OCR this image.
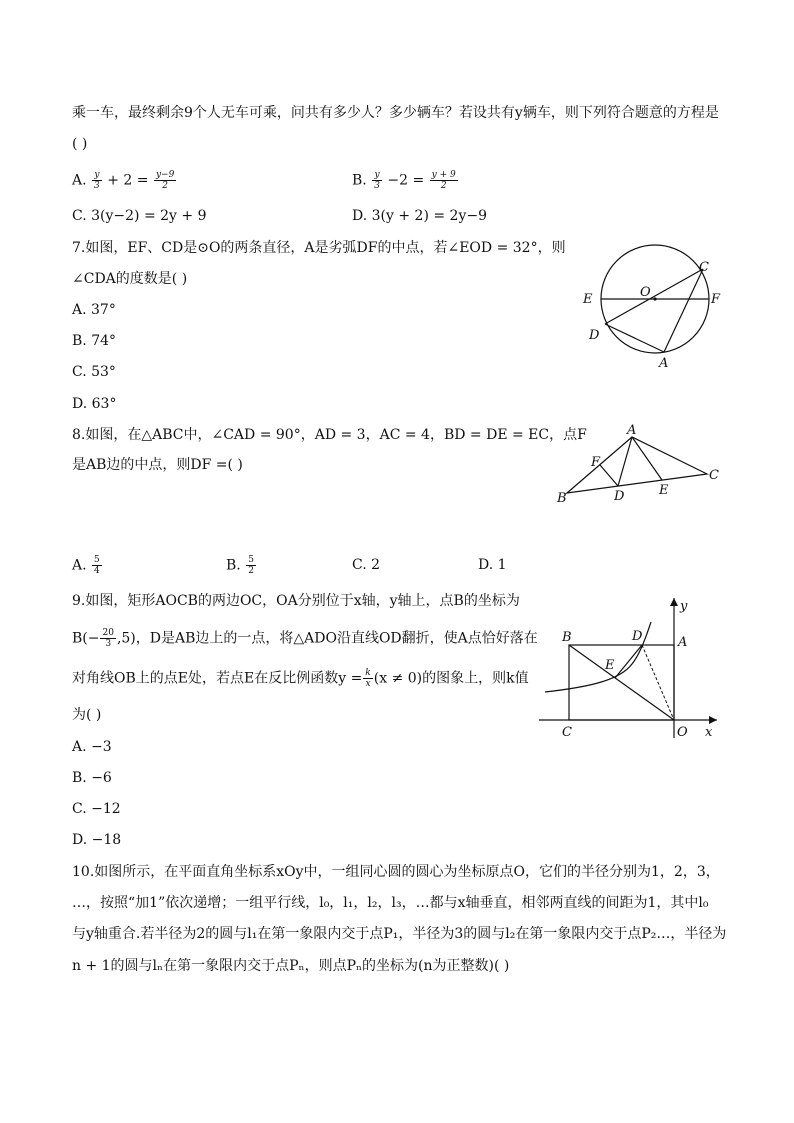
乘一车，最终剩余9个人无车可乘，问共有多少人？多少辆车？若设共有y辆车，则下列符合题意的方程是
( )
A. $\frac{y}{3} + 2 = \frac{y-9}{2}$	B. $\frac{y}{3} -2 = \frac{y + 9}{2}$
C. 3(y−2) = 2y + 9	D. 3(y + 2) = 2y−9
7.如图，EF、CD是⊙O的两条直径，A是劣弧DF的中点，若∠EOD = 32°，则
∠CDA的度数是( )
A. 37°
B. 74°
C. 53°
D. 63°
C
E	O	F
D
A
8.如图，在△ABC中，∠CAD = 90°，AD = 3，AC = 4，BD = DE = EC，点F
是AB边的中点，则DF =( )
A
F
B	D	E
C
A. $\frac{5}{4}$	B. $\frac{5}{2}$	C. 2	D. 1
9.如图，矩形AOCB的两边OC，OA分别位于x轴，y轴上，点B的坐标为
$B(- \frac{20}{3} ,5)$，D是AB边上的一点，将△ADO沿直线OD翻折，使A点恰好落在
对角线OB上的点E处，若点E在反比例函数$y = \frac{k}{x} (x \ne 0)$的图象上，则k值
为( )
A. −3
B. −6
C. −12
D. −18
y
B	D	A
E
C	O x
10.如图所示，在平面直角坐标系xOy中，一组同心圆的圆心为坐标原点O，它们的半径分别为1，2，3，
…，按照“加1”依次递增；一组平行线，l₀，l₁，l₂，l₃，…都与x轴垂直，相邻两直线的间距为1，其中l₀
与y轴重合.若半径为2的圆与l₁在第一象限内交于点P₁，半径为3的圆与l₂在第一象限内交于点P₂…，半径为
n + 1的圆与lₙ在第一象限内交于点Pₙ，则点Pₙ的坐标为(n为正整数)( )
